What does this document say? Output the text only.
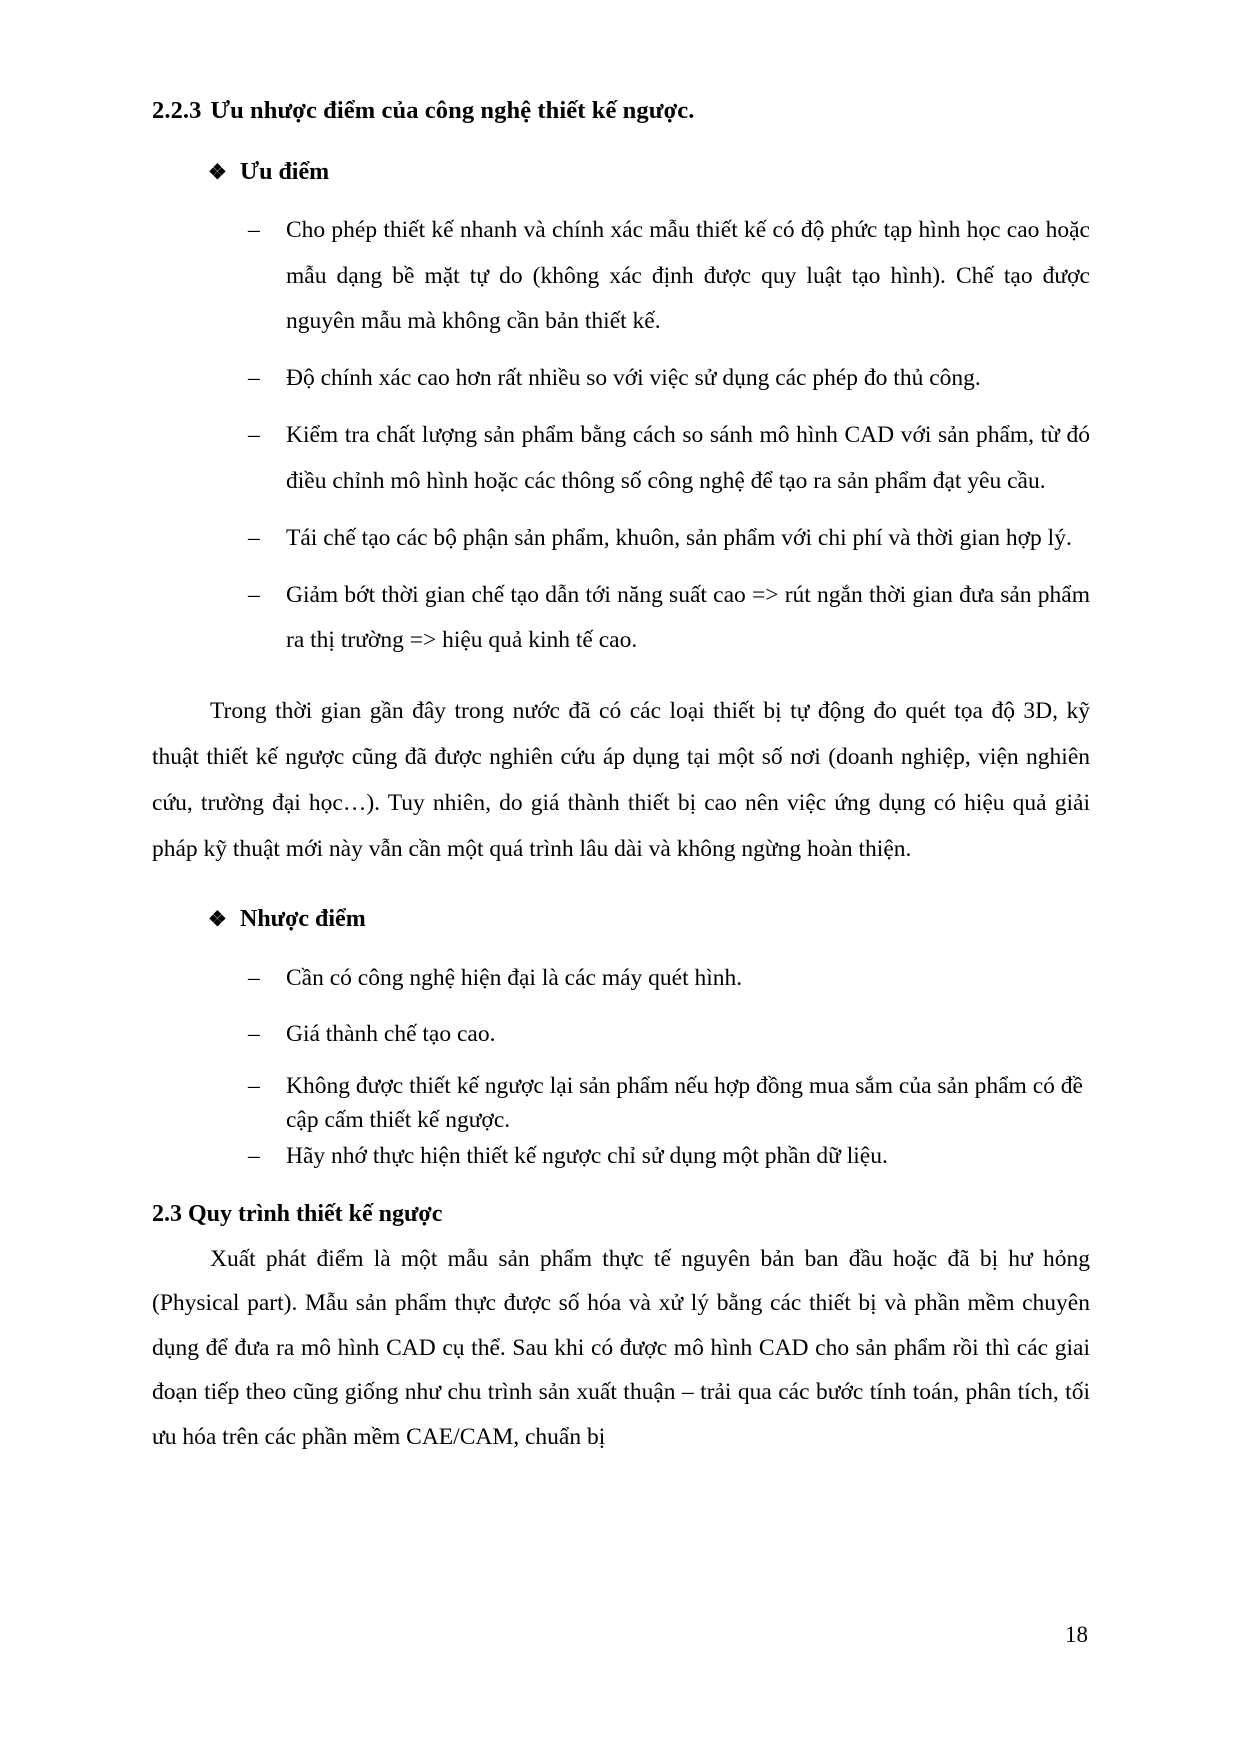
2.2.3 Ưu nhược điểm của công nghệ thiết kế ngược.
❖ Ưu điểm
–	Cho phép thiết kế nhanh và chính xác mẫu thiết kế có độ phức tạp hình học cao hoặc mẫu dạng bề mặt tự do (không xác định được quy luật tạo hình). Chế tạo được nguyên mẫu mà không cần bản thiết kế.
–	Độ chính xác cao hơn rất nhiều so với việc sử dụng các phép đo thủ công.
–	Kiểm tra chất lượng sản phẩm bằng cách so sánh mô hình CAD với sản phẩm, từ đó điều chỉnh mô hình hoặc các thông số công nghệ để tạo ra sản phẩm đạt yêu cầu.
–	Tái chế tạo các bộ phận sản phẩm, khuôn, sản phẩm với chi phí và thời gian hợp lý.
–	Giảm bớt thời gian chế tạo dẫn tới năng suất cao => rút ngắn thời gian đưa sản phẩm ra thị trường => hiệu quả kinh tế cao.

Trong thời gian gần đây trong nước đã có các loại thiết bị tự động đo quét tọa độ 3D, kỹ thuật thiết kế ngược cũng đã được nghiên cứu áp dụng tại một số nơi (doanh nghiệp, viện nghiên cứu, trường đại học…). Tuy nhiên, do giá thành thiết bị cao nên việc ứng dụng có hiệu quả giải pháp kỹ thuật mới này vẫn cần một quá trình lâu dài và không ngừng hoàn thiện.

❖ Nhược điểm
–	Cần có công nghệ hiện đại là các máy quét hình.
–	Giá thành chế tạo cao.
–	Không được thiết kế ngược lại sản phẩm nếu hợp đồng mua sắm của sản phẩm có đề cập cấm thiết kế ngược.
–	Hãy nhớ thực hiện thiết kế ngược chỉ sử dụng một phần dữ liệu.
2.3 Quy trình thiết kế ngược

Xuất phát điểm là một mẫu sản phẩm thực tế nguyên bản ban đầu hoặc đã bị hư hỏng (Physical part). Mẫu sản phẩm thực được số hóa và xử lý bằng các thiết bị và phần mềm chuyên dụng để đưa ra mô hình CAD cụ thể. Sau khi có được mô hình CAD cho sản phẩm rồi thì các giai đoạn tiếp theo cũng giống như chu trình sản xuất thuận – trải qua các bước tính toán, phân tích, tối ưu hóa trên các phần mềm CAE/CAM, chuẩn bị

18
